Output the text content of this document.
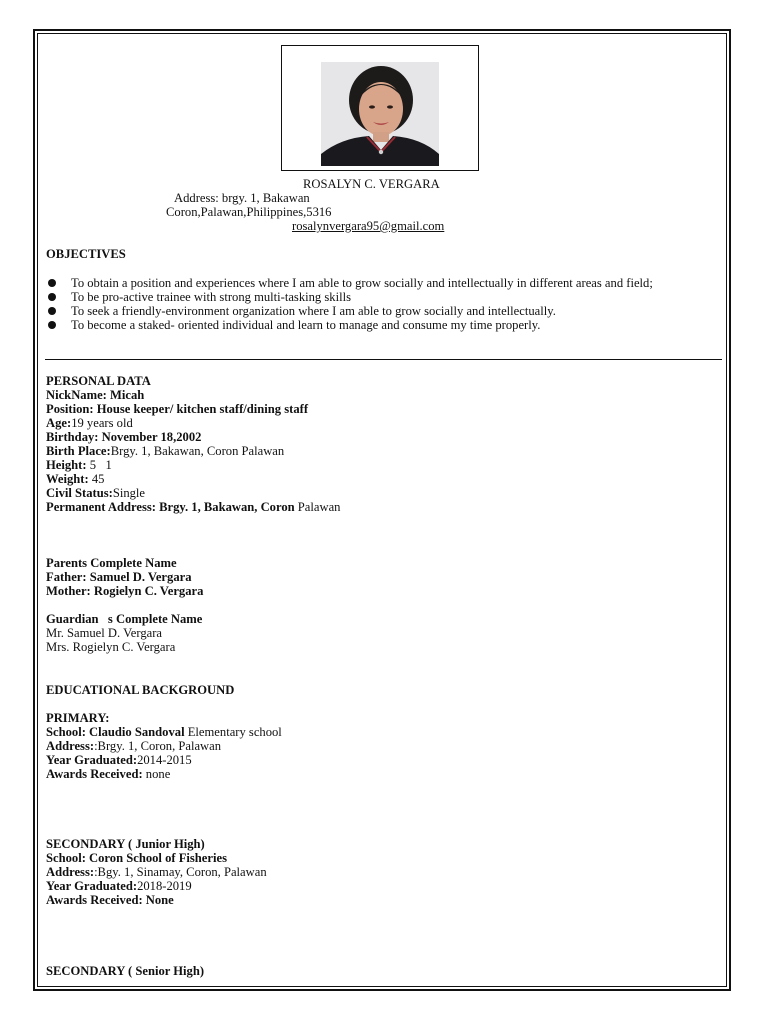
ROSALYN C. VERGARA
Address: brgy. 1, Bakawan
Coron,Palawan,Philippines,5316
rosalynvergara95@gmail.com
OBJECTIVES
To obtain a position and experiences where I am able to grow socially and intellectually in different areas and field;
To be pro-active trainee with strong multi-tasking skills
To seek a friendly-environment organization where I am able to grow socially and intellectually.
To become a staked- oriented individual and learn to manage and consume my time properly.
PERSONAL DATA
NickName: Micah
Position: House keeper/ kitchen staff/dining staff
Age:19 years old
Birthday: November 18,2002
Birth Place:Brgy. 1, Bakawan, Coron Palawan
Height: 5   1
Weight: 45
Civil Status:Single
Permanent Address: Brgy. 1, Bakawan, Coron Palawan
Parents Complete Name
Father: Samuel D. Vergara
Mother: Rogielyn C. Vergara
Guardian   s Complete Name
Mr. Samuel D. Vergara
Mrs. Rogielyn C. Vergara
EDUCATIONAL BACKGROUND
PRIMARY:
School: Claudio Sandoval Elementary school
Address::Brgy. 1, Coron, Palawan
Year Graduated:2014-2015
Awards Received: none
SECONDARY ( Junior High)
School: Coron School of Fisheries
Address::Bgy. 1, Sinamay, Coron, Palawan
Year Graduated:2018-2019
Awards Received: None
SECONDARY ( Senior High)
